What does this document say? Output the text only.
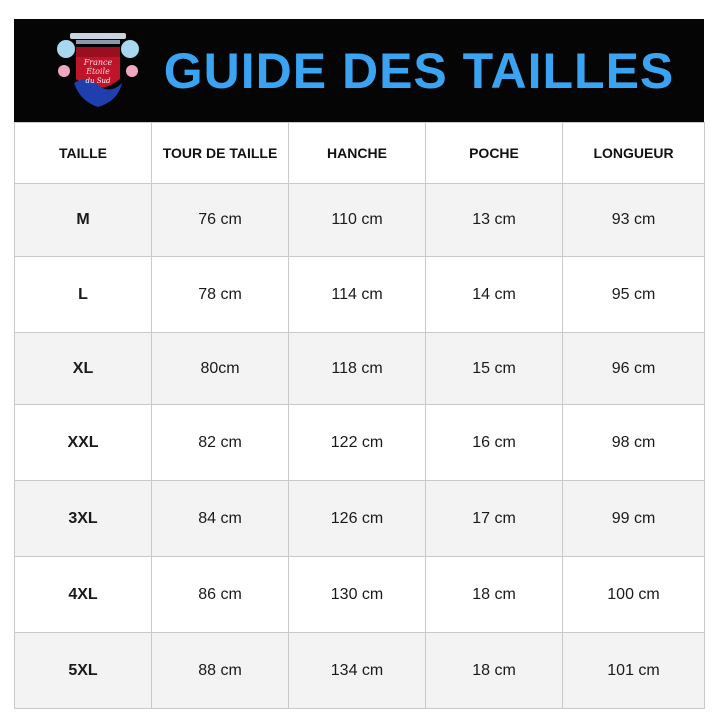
France
Étoile
du Sud GUIDE DES TAILLES
TAILLE	TOUR DE TAILLE	HANCHE	POCHE	LONGUEUR
M	76 cm	110 cm	13 cm	93 cm
L	78 cm	114 cm	14 cm	95 cm
XL	80cm	118 cm	15 cm	96 cm
XXL	82 cm	122 cm	16 cm	98 cm
3XL	84 cm	126 cm	17 cm	99 cm
4XL	86 cm	130 cm	18 cm	100 cm
5XL	88 cm	134 cm	18 cm	101 cm
